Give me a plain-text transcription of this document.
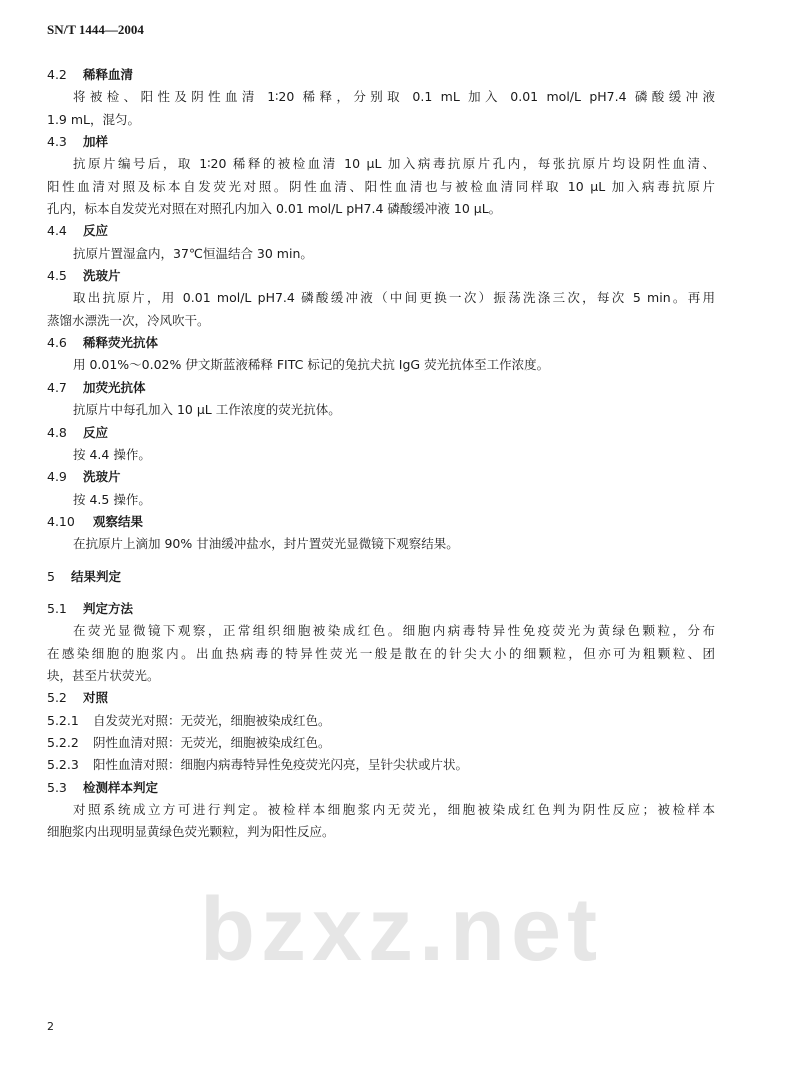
SN/T 1444—2004
4.2 稀释血清
将被检、阳性及阴性血清 1∶20 稀释，分别取 0.1 mL 加入 0.01 mol/L pH7.4 磷酸缓冲液
1.9 mL，混匀。
4.3 加样
抗原片编号后，取 1∶20 稀释的被检血清 10 μL 加入病毒抗原片孔内，每张抗原片均设阴性血清、
阳性血清对照及标本自发荧光对照。阴性血清、阳性血清也与被检血清同样取 10 μL 加入病毒抗原片
孔内，标本自发荧光对照在对照孔内加入 0.01 mol/L pH7.4 磷酸缓冲液 10 μL。
4.4 反应
抗原片置湿盒内，37℃恒温结合 30 min。
4.5 洗玻片
取出抗原片，用 0.01 mol/L pH7.4 磷酸缓冲液（中间更换一次）振荡洗涤三次，每次 5 min。再用
蒸馏水漂洗一次，冷风吹干。
4.6 稀释荧光抗体
用 0.01%～0.02% 伊文斯蓝液稀释 FITC 标记的兔抗犬抗 IgG 荧光抗体至工作浓度。
4.7 加荧光抗体
抗原片中每孔加入 10 μL 工作浓度的荧光抗体。
4.8 反应
按 4.4 操作。
4.9 洗玻片
按 4.5 操作。
4.10 观察结果
在抗原片上滴加 90% 甘油缓冲盐水，封片置荧光显微镜下观察结果。
5 结果判定
5.1 判定方法
在荧光显微镜下观察，正常组织细胞被染成红色。细胞内病毒特异性免疫荧光为黄绿色颗粒，分布
在感染细胞的胞浆内。出血热病毒的特异性荧光一般是散在的针尖大小的细颗粒，但亦可为粗颗粒、团
块，甚至片状荧光。
5.2 对照
5.2.1 自发荧光对照：无荧光，细胞被染成红色。
5.2.2 阴性血清对照：无荧光，细胞被染成红色。
5.2.3 阳性血清对照：细胞内病毒特异性免疫荧光闪亮，呈针尖状或片状。
5.3 检测样本判定
对照系统成立方可进行判定。被检样本细胞浆内无荧光，细胞被染成红色判为阴性反应；被检样本
细胞浆内出现明显黄绿色荧光颗粒，判为阳性反应。
bzxz.net
2
